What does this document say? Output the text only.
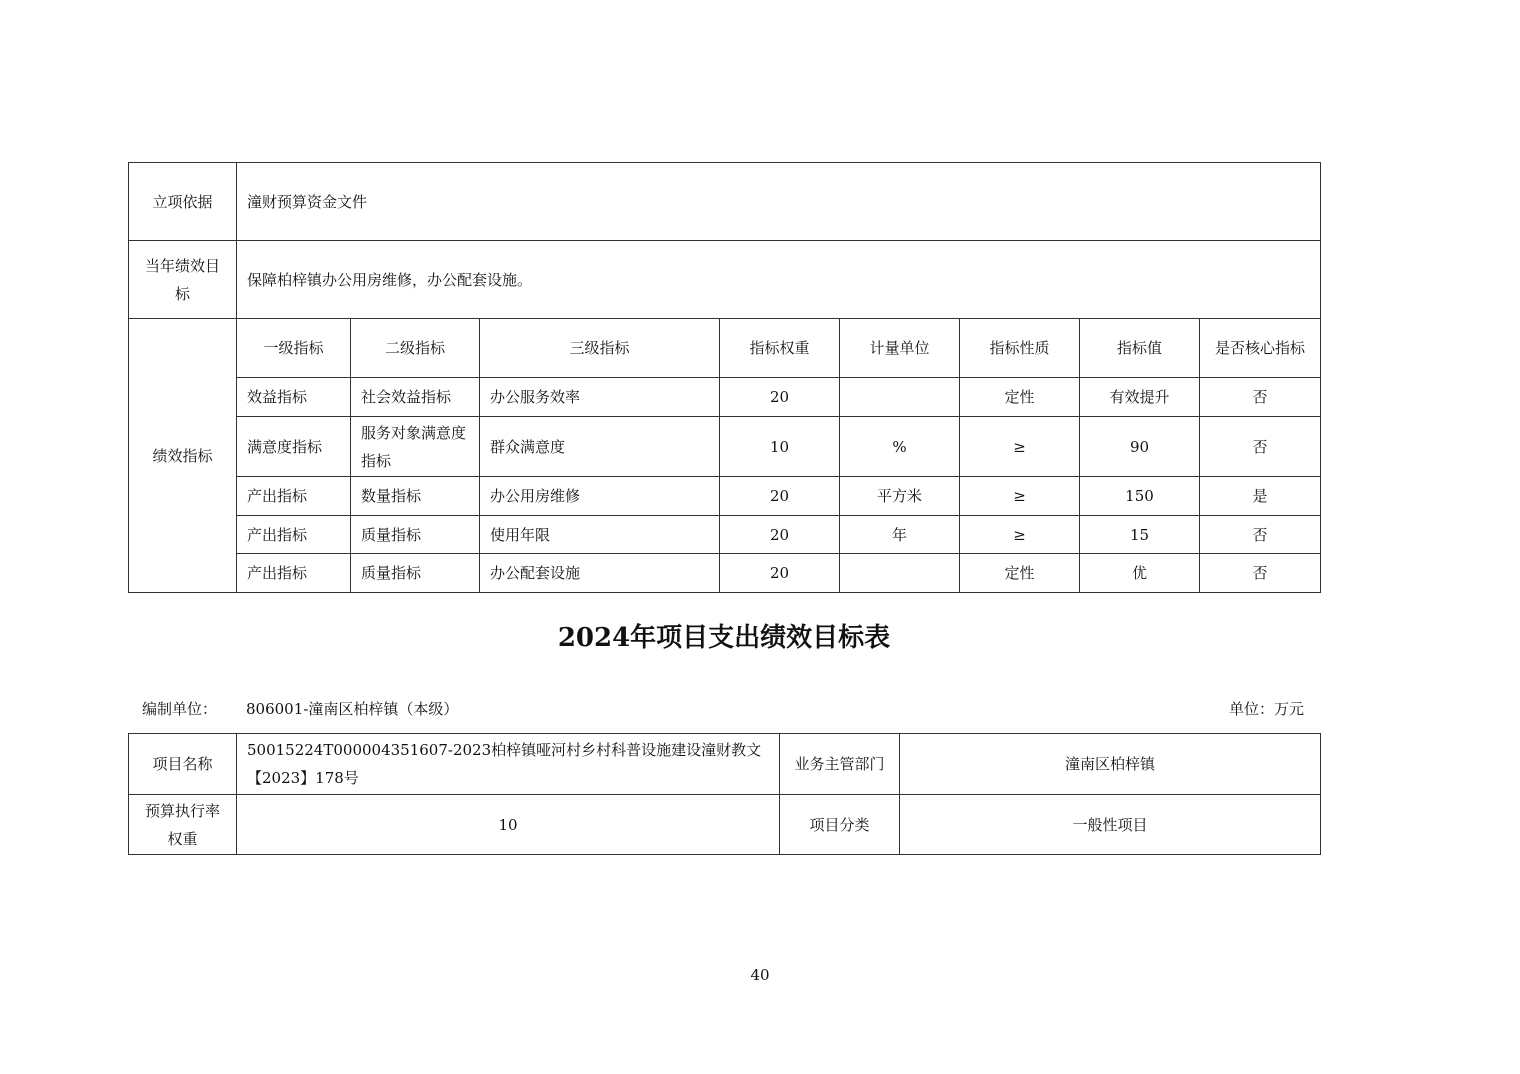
立项依据	潼财预算资金文件							
当年绩效目标	保障柏梓镇办公用房维修，办公配套设施。							
绩效指标	一级指标	二级指标	三级指标	指标权重	计量单位	指标性质	指标值	是否核心指标
	效益指标	社会效益指标	办公服务效率	20		定性	有效提升	否
	满意度指标	服务对象满意度指标	群众满意度	10	%	≥	90	否
	产出指标	数量指标	办公用房维修	20	平方米	≥	150	是
	产出指标	质量指标	使用年限	20	年	≥	15	否
	产出指标	质量指标	办公配套设施	20		定性	优	否
2024年项目支出绩效目标表
编制单位： 806001-潼南区柏梓镇（本级）	单位：万元
项目名称	50015224T000004351607-2023柏梓镇哑河村乡村科普设施建设潼财教文【2023】178号	业务主管部门	潼南区柏梓镇
预算执行率权重	10	项目分类	一般性项目
40
